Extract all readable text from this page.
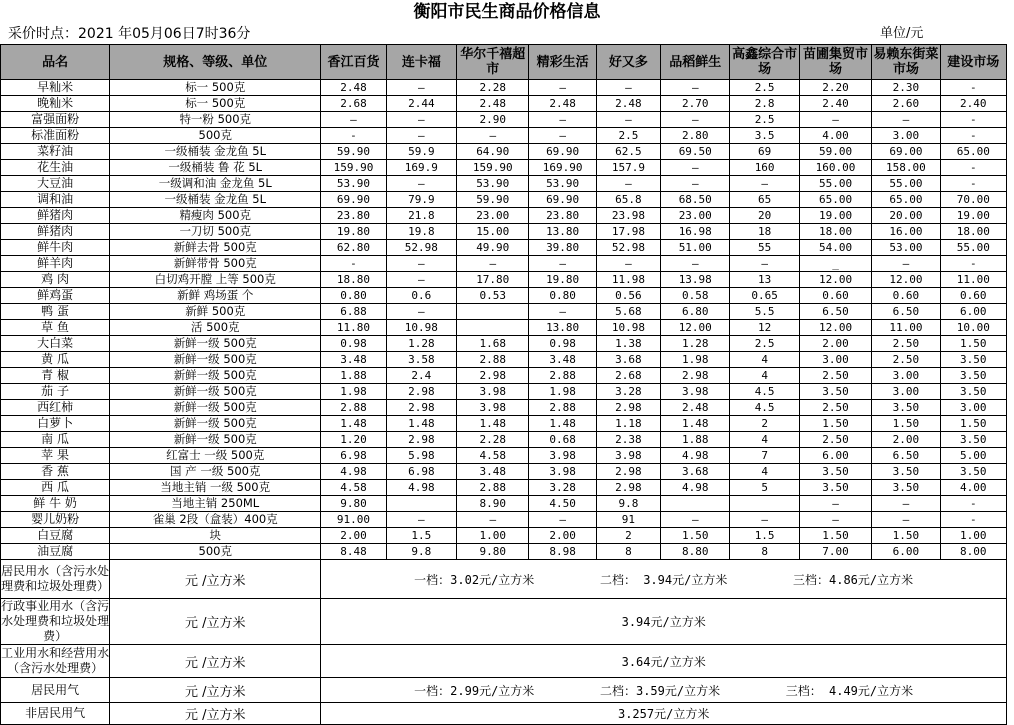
衡阳市民生商品价格信息
采价时点：2021 年05月06日7时36分	单位/元
品名	规格、等级、单位	香江百货	连卡福	华尔千禧超市	精彩生活	好又多	品稻鲜生	高鑫综合市场	苗圃集贸市场	易赖东街菜市场	建设市场
早籼米	标一 500克	2.48	—	2.28	—	—	—	2.5	2.20	2.30	-
晚籼米	标一 500克	2.68	2.44	2.48	2.48	2.48	2.70	2.8	2.40	2.60	2.40
富强面粉	特一粉 500克	—	—	2.90	—	—	—	2.5	—	—	-
标准面粉	500克	-	—	—	—	2.5	2.80	3.5	4.00	3.00	-
菜籽油	一级桶装 金龙鱼 5L	59.90	59.9	64.90	69.90	62.5	69.50	69	59.00	69.00	65.00
花生油	一级桶装 鲁 花 5L	159.90	169.9	159.90	169.90	157.9	—	160	160.00	158.00	-
大豆油	一级调和油 金龙鱼 5L	53.90	—	53.90	53.90	—	—	—	55.00	55.00	-
调和油	一级桶装 金龙鱼 5L	69.90	79.9	59.90	69.90	65.8	68.50	65	65.00	65.00	70.00
鲜猪肉	精瘦肉 500克	23.80	21.8	23.00	23.80	23.98	23.00	20	19.00	20.00	19.00
鲜猪肉	一刀切 500克	19.80	19.8	15.00	13.80	17.98	16.98	18	18.00	16.00	18.00
鲜牛肉	新鲜去骨 500克	62.80	52.98	49.90	39.80	52.98	51.00	55	54.00	53.00	55.00
鲜羊肉	新鲜带骨 500克	-	—	—	—	—	—	—	_	—	-
鸡 肉	白切鸡开膛 上等 500克	18.80	—	17.80	19.80	11.98	13.98	13	12.00	12.00	11.00
鲜鸡蛋	新鲜 鸡场蛋 个	0.80	0.6	0.53	0.80	0.56	0.58	0.65	0.60	0.60	0.60
鸭 蛋	新鲜 500克	6.88	—		—	5.68	6.80	5.5	6.50	6.50	6.00
草 鱼	活 500克	11.80	10.98		13.80	10.98	12.00	12	12.00	11.00	10.00
大白菜	新鲜一级 500克	0.98	1.28	1.68	0.98	1.38	1.28	2.5	2.00	2.50	1.50
黄 瓜	新鲜一级 500克	3.48	3.58	2.88	3.48	3.68	1.98	4	3.00	2.50	3.50
青 椒	新鲜一级 500克	1.88	2.4	2.98	2.88	2.68	2.98	4	2.50	3.00	3.50
茄 子	新鲜一级 500克	1.98	2.98	3.98	1.98	3.28	3.98	4.5	3.50	3.00	3.50
西红柿	新鲜一级 500克	2.88	2.98	3.98	2.88	2.98	2.48	4.5	2.50	3.50	3.00
白萝卜	新鲜一级 500克	1.48	1.48	1.48	1.48	1.18	1.48	2	1.50	1.50	1.50
南 瓜	新鲜一级 500克	1.20	2.98	2.28	0.68	2.38	1.88	4	2.50	2.00	3.50
苹 果	红富士 一级 500克	6.98	5.98	4.58	3.98	3.98	4.98	7	6.00	6.50	5.00
香 蕉	国 产 一级 500克	4.98	6.98	3.48	3.98	2.98	3.68	4	3.50	3.50	3.50
西 瓜	当地主销 一级 500克	4.58	4.98	2.88	3.28	2.98	4.98	5	3.50	3.50	4.00
鲜 牛 奶	当地主销 250ML	9.80		8.90	4.50	9.8			—	—	-
婴儿奶粉	雀巢 2段（盒装）400克	91.00	—	—	—	91	—	—	—	—	-
白豆腐	块	2.00	1.5	1.00	2.00	2	1.50	1.5	1.50	1.50	1.00
油豆腐	500克	8.48	9.8	9.80	8.98	8	8.80	8	7.00	6.00	8.00
居民用水（含污水处理费和垃圾处理费）	元 /立方米	一档：3.02元/立方米 二档： 3.94元/立方米 三档：4.86元/立方米									

行政事业用水（含污水处理费和垃圾处理费）	元 /立方米	3.94元/立方米									
工业用水和经营用水（含污水处理费）	元 /立方米	3.64元/立方米									
居民用气	元 /立方米	一档：2.99元/立方米 二档：3.59元/立方米 三档： 4.49元/立方米									

非居民用气	元 /立方米	3.257元/立方米									
